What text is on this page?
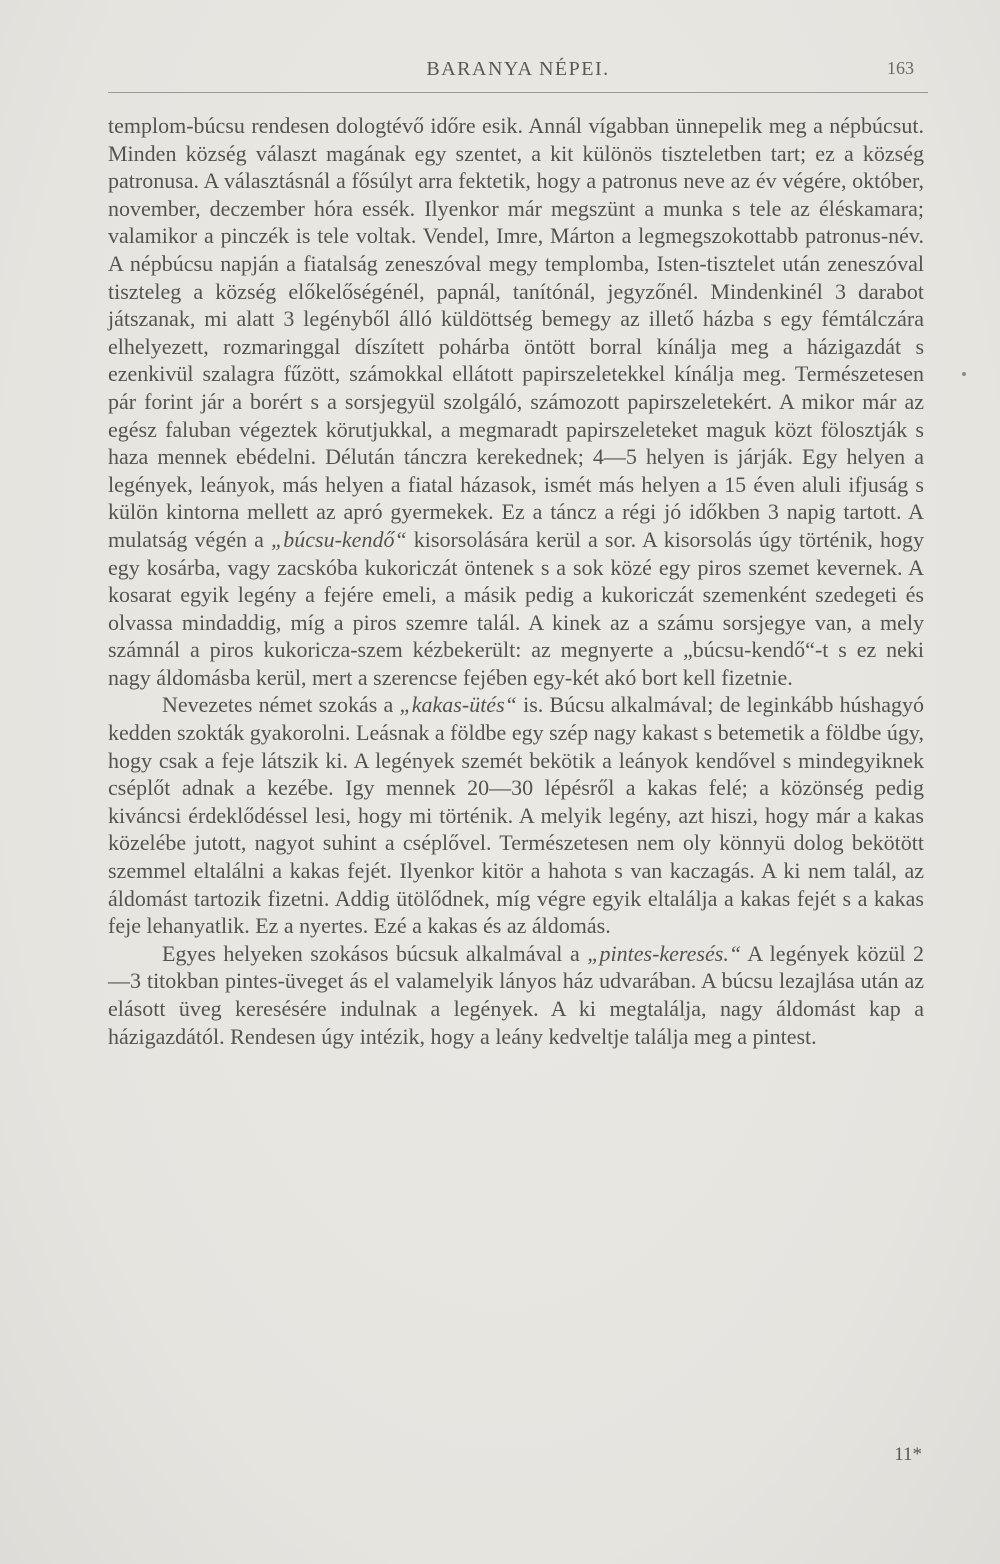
BARANYA NÉPEI.	163

templom-búcsu rendesen dologtévő időre esik. Annál vígabban ünnepelik meg a népbúcsut. Minden község választ magának egy szentet, a kit különös tiszteletben tart; ez a község patronusa. A választásnál a fősúlyt arra fektetik, hogy a patronus neve az év végére, október, november, deczember hóra essék. Ilyenkor már megszünt a munka s tele az éléskamara; valamikor a pinczék is tele voltak. Vendel, Imre, Márton a legmegszokottabb patronus-név. A népbúcsu napján a fiatalság zeneszóval megy templomba, Isten-tisztelet után zeneszóval tiszteleg a község előkelőségénél, papnál, tanítónál, jegyzőnél. Mindenkinél 3 darabot játszanak, mi alatt 3 legényből álló küldöttség bemegy az illető házba s egy fémtálczára elhelyezett, rozmaringgal díszített pohárba öntött borral kínálja meg a házigazdát s ezenkivül szalagra fűzött, számokkal ellátott papirszeletekkel kínálja meg. Természetesen pár forint jár a borért s a sorsjegyül szolgáló, számozott papirszeletekért. A mikor már az egész faluban végeztek körutjukkal, a megmaradt papirszeleteket maguk közt fölosztják s haza mennek ebédelni. Délután tánczra kerekednek; 4—5 helyen is járják. Egy helyen a legények, leányok, más helyen a fiatal házasok, ismét más helyen a 15 éven aluli ifjuság s külön kintorna mellett az apró gyermekek. Ez a táncz a régi jó időkben 3 napig tartott. A mulatság végén a „búcsu-kendő“ kisorsolására kerül a sor. A kisorsolás úgy történik, hogy egy kosárba, vagy zacskóba kukoriczát öntenek s a sok közé egy piros szemet kevernek. A kosarat egyik legény a fejére emeli, a másik pedig a kukoriczát szemenként szedegeti és olvassa mindaddig, míg a piros szemre talál. A kinek az a számu sorsjegye van, a mely számnál a piros kukoricza-szem kézbekerült: az megnyerte a „búcsu-kendő“-t s ez neki nagy áldomásba kerül, mert a szerencse fejében egy-két akó bort kell fizetnie.

Nevezetes német szokás a „kakas-ütés“ is. Búcsu alkalmával; de leginkább húshagyó kedden szokták gyakorolni. Leásnak a földbe egy szép nagy kakast s betemetik a földbe úgy, hogy csak a feje látszik ki. A legények szemét bekötik a leányok kendővel s mindegyiknek cséplőt adnak a kezébe. Igy mennek 20—30 lépésről a kakas felé; a közönség pedig kiváncsi érdeklődéssel lesi, hogy mi történik. A melyik legény, azt hiszi, hogy már a kakas közelébe jutott, nagyot suhint a cséplővel. Természetesen nem oly könnyü dolog bekötött szemmel eltalálni a kakas fejét. Ilyenkor kitör a hahota s van kaczagás. A ki nem talál, az áldomást tartozik fizetni. Addig ütölődnek, míg végre egyik eltalálja a kakas fejét s a kakas feje lehanyatlik. Ez a nyertes. Ezé a kakas és az áldomás.

Egyes helyeken szokásos búcsuk alkalmával a „pintes-keresés.“ A legények közül 2—3 titokban pintes-üveget ás el valamelyik lányos ház udvarában. A búcsu lezajlása után az elásott üveg keresésére indulnak a legények. A ki megtalálja, nagy áldomást kap a házigazdától. Rendesen úgy intézik, hogy a leány kedveltje találja meg a pintest.

11*
